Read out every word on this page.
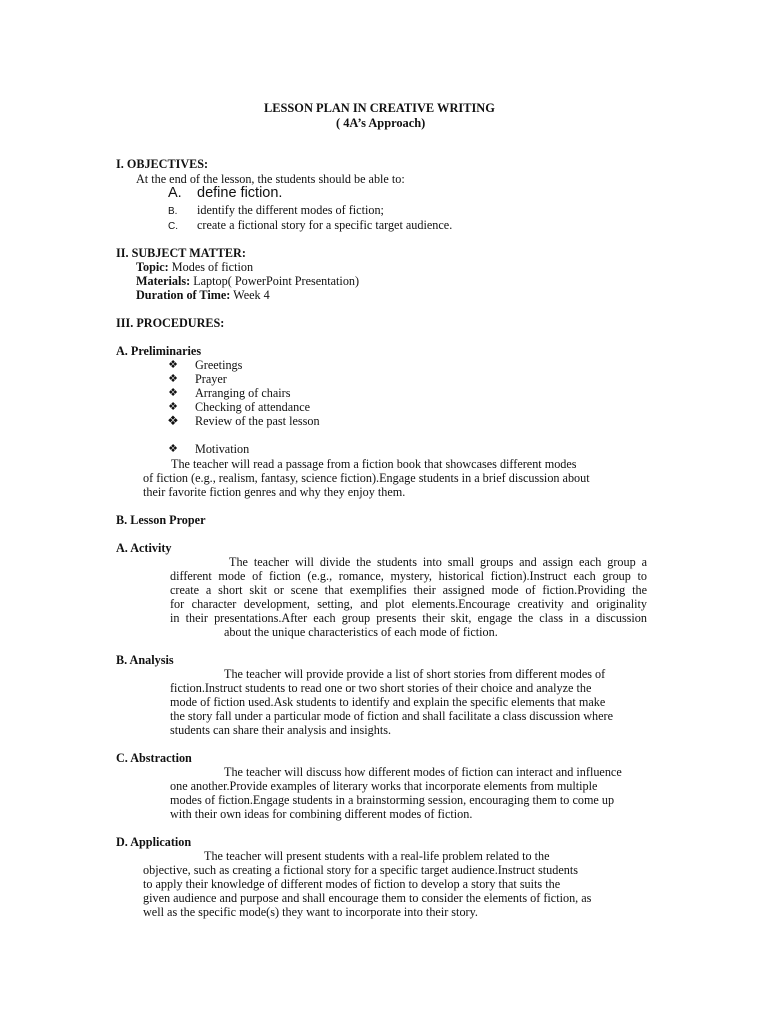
LESSON PLAN IN CREATIVE WRITING
( 4A’s Approach)
I. OBJECTIVES:
At the end of the lesson, the students should be able to:
A. define fiction.
B. identify the different modes of fiction;
C. create a fictional story for a specific target audience.
II. SUBJECT MATTER:
Topic: Modes of fiction
Materials: Laptop( PowerPoint Presentation)
Duration of Time: Week 4
III. PROCEDURES:
A. Preliminaries
❖ Greetings
❖ Prayer
❖ Arranging of chairs
❖ Checking of attendance
❖ Review of the past lesson
❖ Motivation
The teacher will read a passage from a fiction book that showcases different modes
of fiction (e.g., realism, fantasy, science fiction).Engage students in a brief discussion about
their favorite fiction genres and why they enjoy them.
B. Lesson Proper
A. Activity
The teacher will divide the students into small groups and assign each group a
different mode of fiction (e.g., romance, mystery, historical fiction).Instruct each group to
create a short skit or scene that exemplifies their assigned mode of fiction.Providing the
for character development, setting, and plot elements.Encourage creativity and originality
in their presentations.After each group presents their skit, engage the class in a discussion
about the unique characteristics of each mode of fiction.
B. Analysis
The teacher will provide provide a list of short stories from different modes of
fiction.Instruct students to read one or two short stories of their choice and analyze the
mode of fiction used.Ask students to identify and explain the specific elements that make
the story fall under a particular mode of fiction and shall facilitate a class discussion where
students can share their analysis and insights.
C. Abstraction
The teacher will discuss how different modes of fiction can interact and influence
one another.Provide examples of literary works that incorporate elements from multiple
modes of fiction.Engage students in a brainstorming session, encouraging them to come up
with their own ideas for combining different modes of fiction.
D. Application
The teacher will present students with a real-life problem related to the
objective, such as creating a fictional story for a specific target audience.Instruct students
to apply their knowledge of different modes of fiction to develop a story that suits the
given audience and purpose and shall encourage them to consider the elements of fiction, as
well as the specific mode(s) they want to incorporate into their story.
